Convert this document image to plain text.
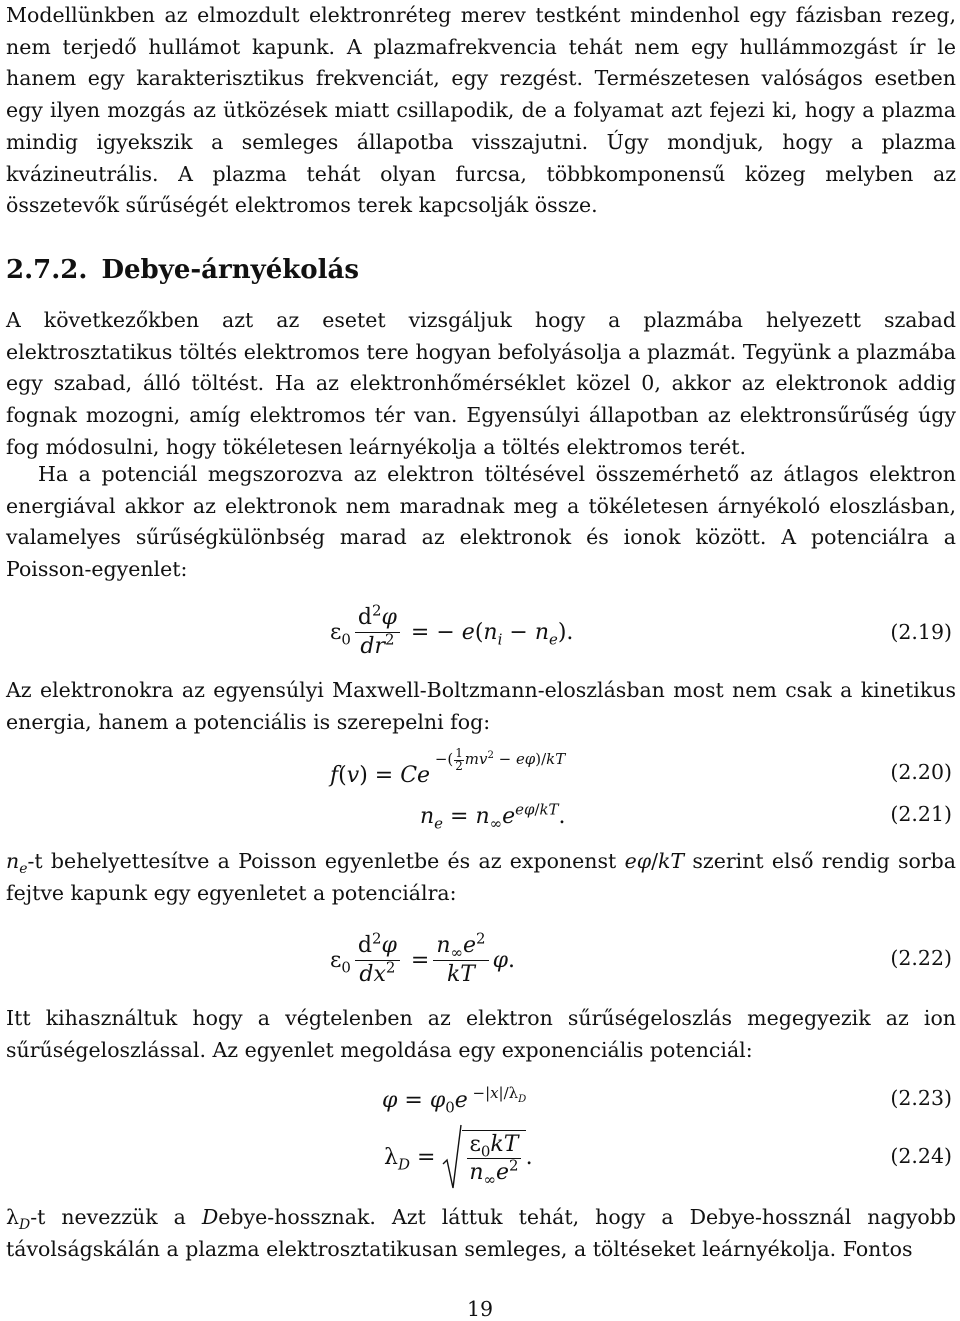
Modellünkben az elmozdult elektronréteg merev testként mindenhol egy fázisban rezeg, nem terjedő hullámot kapunk. A plazmafrekvencia tehát nem egy hullámmozgást ír le hanem egy karakterisztikus frekvenciát, egy rezgést. Természetesen valóságos esetben egy ilyen mozgás az ütközések miatt csillapodik, de a folyamat azt fejezi ki, hogy a plazma mindig igyekszik a semleges állapotba visszajutni. Úgy mondjuk, hogy a plazma kvázineutrális. A plazma tehát olyan furcsa, többkomponensű közeg melyben az összetevők sűrűségét elektromos terek kapcsolják össze.

2.7.2. Debye-árnyékolás

A következőkben azt az esetet vizsgáljuk hogy a plazmába helyezett szabad elektrosztatikus töltés elektromos tere hogyan befolyásolja a plazmát. Tegyünk a plazmába egy szabad, álló töltést. Ha az elektronhőmérséklet közel 0, akkor az elektronok addig fognak mozogni, amíg elektromos tér van. Egyensúlyi állapotban az elektronsűrűség úgy fog módosulni, hogy tökéletesen leárnyékolja a töltés elektromos terét.

Ha a potenciál megszorozva az elektron töltésével összemérhető az átlagos elektron energiával akkor az elektronok nem maradnak meg a tökéletesen árnyékoló eloszlásban, valamelyes sűrűségkülönbség marad az elektronok és ionok között. A potenciálra a Poisson-egyenlet:

$\varepsilon_0 \frac{d^2\varphi}{dr^2}$ = − $e(n_i - n_e)$.	(2.19)

Az elektronokra az egyensúlyi Maxwell-Boltzmann-eloszlásban most nem csak a kinetikus energia, hanem a potenciális is szerepelni fog:

f(v) = Ce $^{-( \frac{1}{2} mv^2 - e\varphi)/kT}$
(2.20)
$n_e = n_\infty e^{e\varphi/kT}$.	(2.21)

$n_e-t$ behelyettesítve a Poisson egyenletbe és az exponenst eφ/kT szerint első rendig sorba fejtve kapunk egy egyenletet a potenciálra:

$\varepsilon_0 \frac{d^2\varphi}{dx^2} = \frac{n_\infty e^2}{kT} \varphi$.	(2.22)

Itt kihasználtuk hogy a végtelenben az elektron sűrűségeloszlás megegyezik az ion sűrűségeloszlással. Az egyenlet megoldása egy exponenciális potenciál:

$\varphi = \varphi_0e$ $^{-|x|/\lambda_D}$	(2.23)
$\lambda_D = \frac{\varepsilon_0kT}{n_\infty e^2}$ .	(2.24)

$\lambda_D-t$ nevezzük a Debye-hossznak. Azt láttuk tehát, hogy a Debye-hossznál nagyobb távolságskálán a plazma elektrosztatikusan semleges, a töltéseket leárnyékolja. Fontos

19
